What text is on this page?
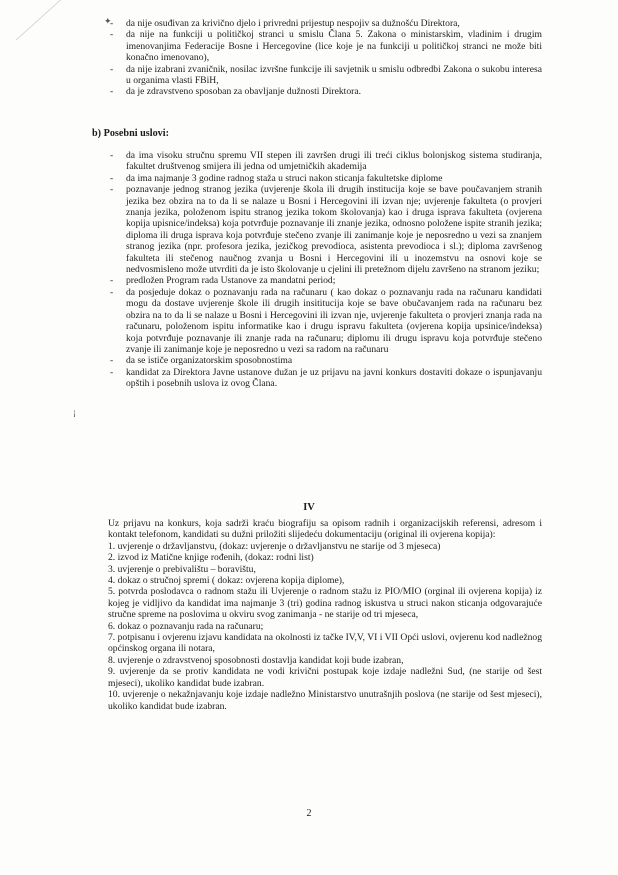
✦
¡
- da nije osuđivan za krivično djelo i privredni prijestup nespojiv sa dužnošću Direktora,
- da nije na funkciji u političkoj stranci u smislu Člana 5. Zakona o ministarskim, vladinim i drugim imenovanjima Federacije Bosne i Hercegovine (lice koje je na funkciji u političkoj stranci ne može biti konačno imenovano),
- da nije izabrani zvaničnik, nosilac izvršne funkcije ili savjetnik u smislu odbredbi Zakona o sukobu interesa u organima vlasti FBiH,
- da je zdravstveno sposoban za obavljanje dužnosti Direktora.
b) Posebni uslovi:
- da ima visoku stručnu spremu VII stepen ili završen drugi ili treći ciklus bolonjskog sistema studiranja, fakultet društvenog smijera ili jedna od umjetničkih akademija
- da ima najmanje 3 godine radnog staža u struci nakon sticanja fakultetske diplome
- poznavanje jednog stranog jezika (uvjerenje škola ili drugih institucija koje se bave poučavanjem stranih jezika bez obzira na to da li se nalaze u Bosni i Hercegovini ili izvan nje; uvjerenje fakulteta (o provjeri znanja jezika, položenom ispitu stranog jezika tokom školovanja) kao i druga isprava fakulteta (ovjerena kopija upisnice/indeksa) koja potvrđuje poznavanje ili znanje jezika, odnosno položene ispite stranih jezika; diploma ili druga isprava koja potvrđuje stečeno zvanje ili zanimanje koje je neposredno u vezi sa znanjem stranog jezika (npr. profesora jezika, jezičkog prevodioca, asistenta prevodioca i sl.); diploma završenog fakulteta ili stečenog naučnog zvanja u Bosni i Hercegovini ili u inozemstvu na osnovi koje se nedvosmisleno može utvrditi da je isto školovanje u cjelini ili pretežnom dijelu završeno na stranom jeziku;
- predložen Program rada Ustanove za mandatni period;
- da posjeduje dokaz o poznavanju rada na računaru ( kao dokaz o poznavanju rada na računaru kandidati mogu da dostave uvjerenje škole ili drugih insititucija koje se bave obučavanjem rada na računaru bez obzira na to da li se nalaze u Bosni i Hercegovini ili izvan nje, uvjerenje fakulteta o provjeri znanja rada na računaru, položenom ispitu informatike kao i drugu ispravu fakulteta (ovjerena kopija upsinice/indeksa) koja potvrđuje poznavanje ili znanje rada na računaru; diplomu ili drugu ispravu koja potvrđuje stečeno zvanje ili zanimanje koje je neposredno u vezi sa radom na računaru
- da se ističe organizatorskim sposobnostima
- kandidat za Direktora Javne ustanove dužan je uz prijavu na javni konkurs dostaviti dokaze o ispunjavanju opštih i posebnih uslova iz ovog Člana.
IV

Uz prijavu na konkurs, koja sadrži kraću biografiju sa opisom radnih i organizacijskih referensi, adresom i kontakt telefonom, kandidati su dužni priložiti slijedeću dokumentaciju (original ili ovjerena kopija):

1. uvjerenje o državljanstvu, (dokaz: uvjerenje o državljanstvu ne starije od 3 mjeseca)
2. izvod iz Matične knjige rođenih, (dokaz: rodni list)
3. uvjerenje o prebivalištu – boravištu,
4. dokaz o stručnoj spremi ( dokaz: ovjerena kopija diplome),
5. potvrda poslodavca o radnom stažu ili Uvjerenje o radnom stažu iz PIO/MIO (orginal ili ovjerena kopija) iz kojeg je vidljivo da kandidat ima najmanje 3 (tri) godina radnog iskustva u struci nakon sticanja odgovarajuće stručne spreme na poslovima u okviru svog zanimanja - ne starije od tri mjeseca,
6. dokaz o poznavanju rada na računaru;
7. potpisanu i ovjerenu izjavu kandidata na okolnosti iz tačke IV,V, VI i VII Opći uslovi, ovjerenu kod nadležnog općinskog organa ili notara,
8. uvjerenje o zdravstvenoj sposobnosti dostavlja kandidat koji bude izabran,
9. uvjerenje da se protiv kandidata ne vodi krivični postupak koje izdaje nadležni Sud, (ne starije od šest mjeseci), ukoliko kandidat bude izabran.
10. uvjerenje o nekažnjavanju koje izdaje nadležno Ministarstvo unutrašnjih poslova (ne starije od šest mjeseci), ukoliko kandidat bude izabran.
2
